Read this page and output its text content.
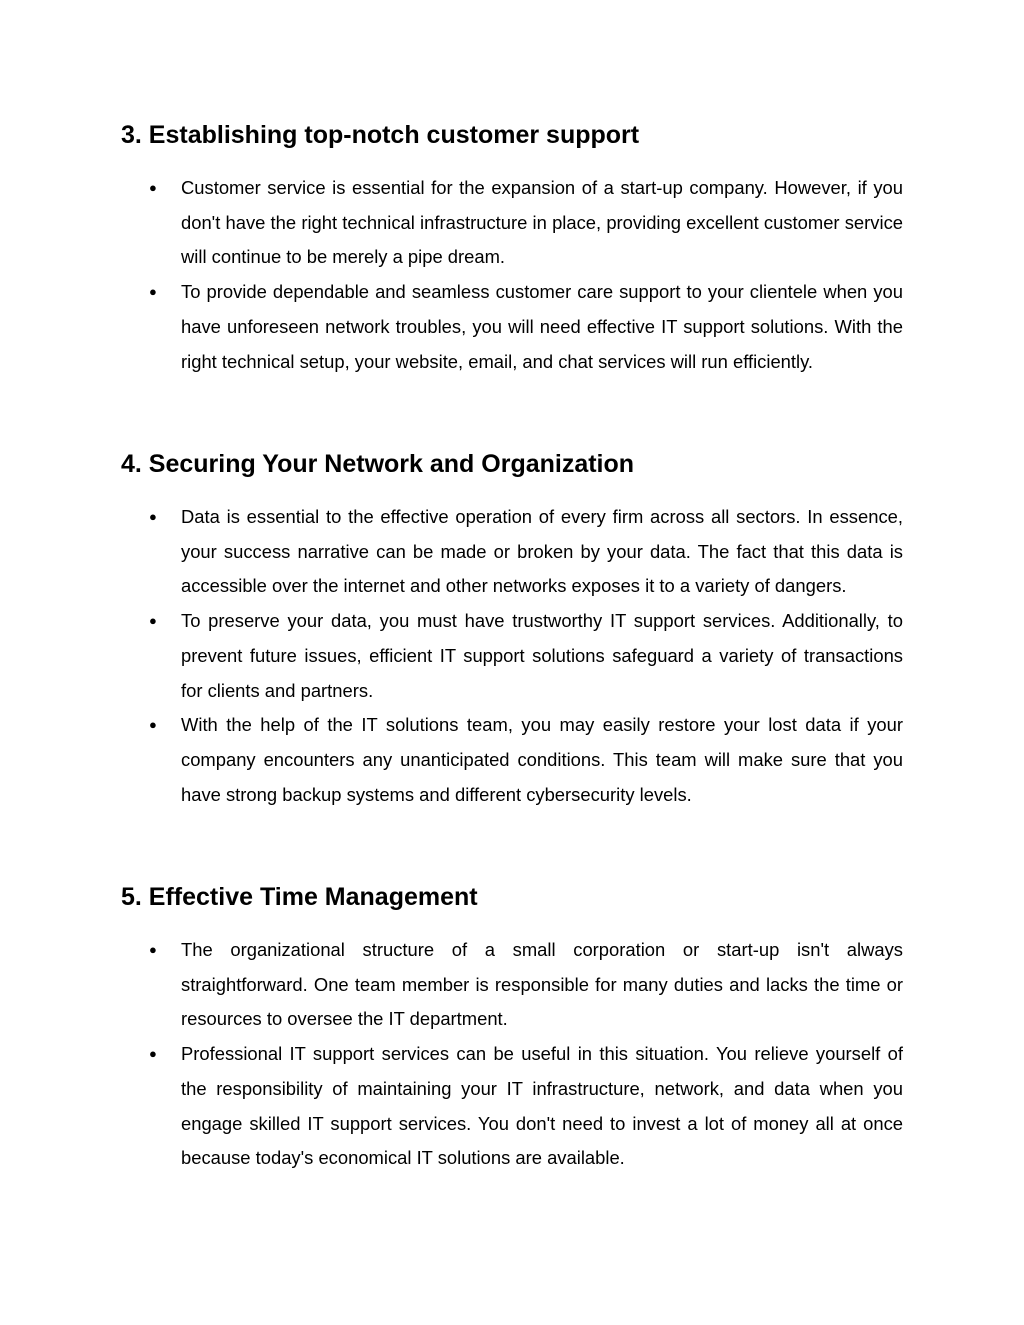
3. Establishing top-notch customer support
● Customer service is essential for the expansion of a start-up company. However, if you don't have the right technical infrastructure in place, providing excellent customer service will continue to be merely a pipe dream.
● To provide dependable and seamless customer care support to your clientele when you have unforeseen network troubles, you will need effective IT support solutions. With the right technical setup, your website, email, and chat services will run efficiently.
4. Securing Your Network and Organization
● Data is essential to the effective operation of every firm across all sectors. In essence, your success narrative can be made or broken by your data. The fact that this data is accessible over the internet and other networks exposes it to a variety of dangers.
● To preserve your data, you must have trustworthy IT support services. Additionally, to prevent future issues, efficient IT support solutions safeguard a variety of transactions for clients and partners.
● With the help of the IT solutions team, you may easily restore your lost data if your company encounters any unanticipated conditions. This team will make sure that you have strong backup systems and different cybersecurity levels.
5. Effective Time Management
● The organizational structure of a small corporation or start-up isn't always straightforward. One team member is responsible for many duties and lacks the time or resources to oversee the IT department.
● Professional IT support services can be useful in this situation. You relieve yourself of the responsibility of maintaining your IT infrastructure, network, and data when you engage skilled IT support services. You don't need to invest a lot of money all at once because today's economical IT solutions are available.
